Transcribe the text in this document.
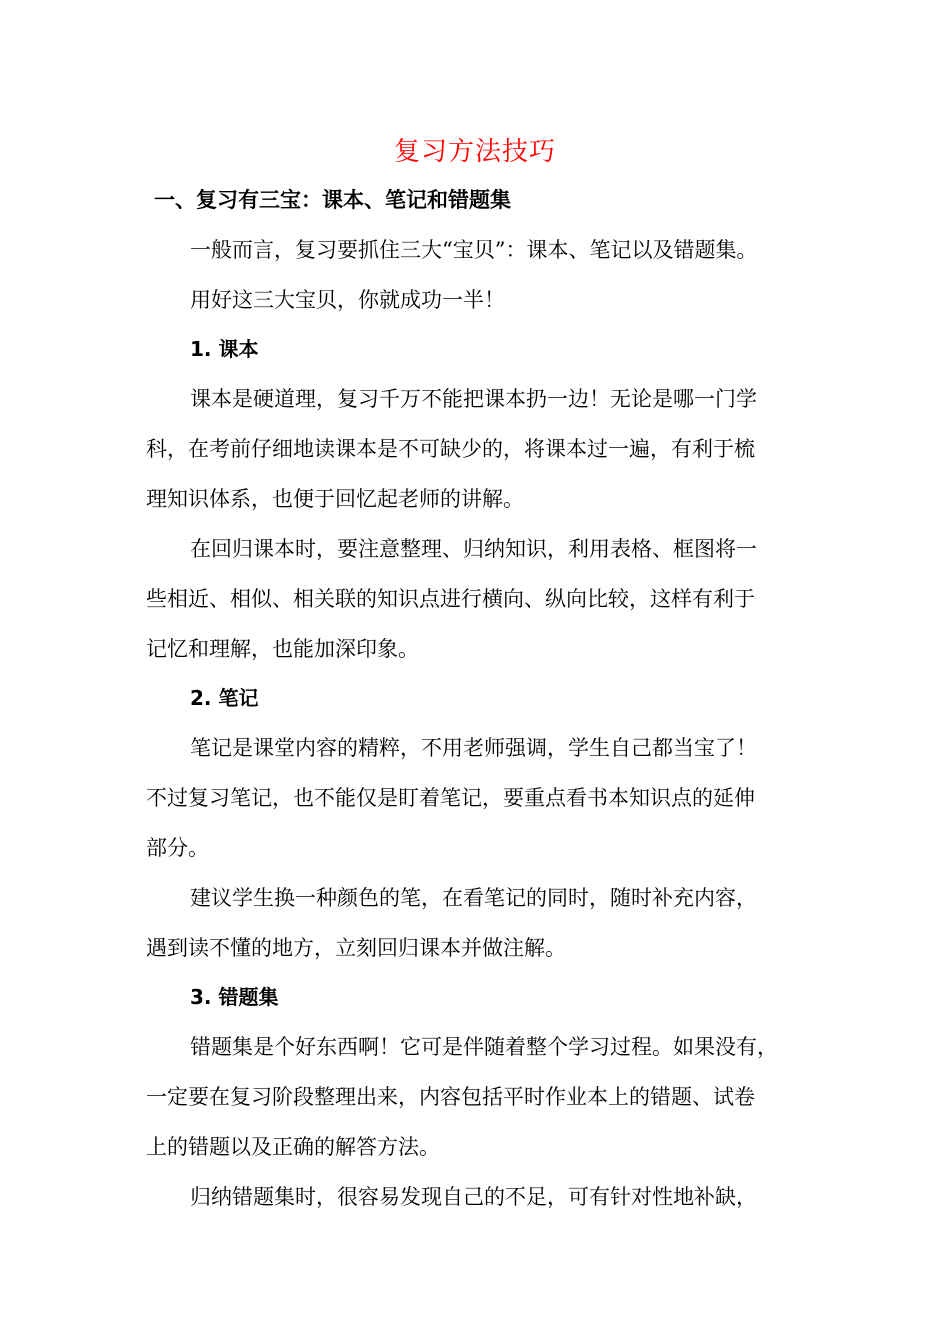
复习方法技巧
一、复习有三宝：课本、笔记和错题集

一般而言，复习要抓住三大“宝贝”：课本、笔记以及错题集。

用好这三大宝贝，你就成功一半！

1. 课本

课本是硬道理，复习千万不能把课本扔一边！无论是哪一门学

科，在考前仔细地读课本是不可缺少的，将课本过一遍，有利于梳

理知识体系，也便于回忆起老师的讲解。

在回归课本时，要注意整理、归纳知识，利用表格、框图将一

些相近、相似、相关联的知识点进行横向、纵向比较，这样有利于

记忆和理解，也能加深印象。

2. 笔记

笔记是课堂内容的精粹，不用老师强调，学生自己都当宝了！

不过复习笔记，也不能仅是盯着笔记，要重点看书本知识点的延伸

部分。

建议学生换一种颜色的笔，在看笔记的同时，随时补充内容，

遇到读不懂的地方，立刻回归课本并做注解。

3. 错题集

错题集是个好东西啊！它可是伴随着整个学习过程。如果没有，

一定要在复习阶段整理出来，内容包括平时作业本上的错题、试卷

上的错题以及正确的解答方法。

归纳错题集时，很容易发现自己的不足，可有针对性地补缺，
